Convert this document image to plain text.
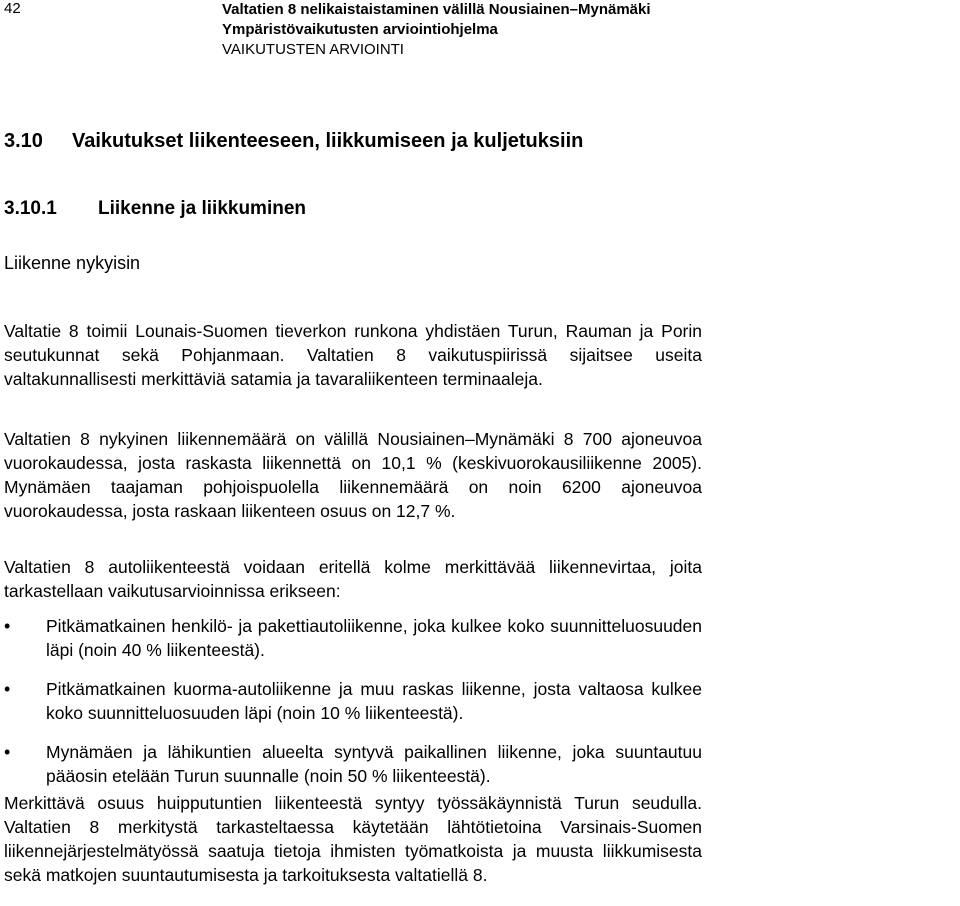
42	Valtatien 8 nelikaistaistaminen välillä Nousiainen–Mynämäki
Ympäristövaikutusten arviointiohjelma
VAIKUTUSTEN ARVIOINTI
3.10 Vaikutukset liikenteeseen, liikkumiseen ja kuljetuksiin
3.10.1 Liikenne ja liikkuminen
Liikenne nykyisin

Valtatie 8 toimii Lounais-Suomen tieverkon runkona yhdistäen Turun, Rauman ja Porin seutukunnat sekä Pohjanmaan. Valtatien 8 vaikutuspiirissä sijaitsee useita valtakunnallisesti merkittäviä satamia ja tavaraliikenteen terminaaleja.

Valtatien 8 nykyinen liikennemäärä on välillä Nousiainen–Mynämäki 8 700 ajoneuvoa vuorokaudessa, josta raskasta liikennettä on 10,1 % (keskivuorokausiliikenne 2005). Mynämäen taajaman pohjoispuolella liikennemäärä on noin 6200 ajoneuvoa vuorokaudessa, josta raskaan liikenteen osuus on 12,7 %.

Valtatien 8 autoliikenteestä voidaan eritellä kolme merkittävää liikennevirtaa, joita tarkastellaan vaikutusarvioinnissa erikseen:

•	Pitkämatkainen henkilö- ja pakettiautoliikenne, joka kulkee koko suunnitteluosuuden läpi (noin 40 % liikenteestä).
•	Pitkämatkainen kuorma-autoliikenne ja muu raskas liikenne, josta valtaosa kulkee koko suunnitteluosuuden läpi (noin 10 % liikenteestä).
•	Mynämäen ja lähikuntien alueelta syntyvä paikallinen liikenne, joka suuntautuu pääosin etelään Turun suunnalle (noin 50 % liikenteestä).

Merkittävä osuus huipputuntien liikenteestä syntyy työssäkäynnistä Turun seudulla. Valtatien 8 merkitystä tarkasteltaessa käytetään lähtötietoina Varsinais-Suomen liikennejärjestelmätyössä saatuja tietoja ihmisten työmatkoista ja muusta liikkumisesta sekä matkojen suuntautumisesta ja tarkoituksesta valtatiellä 8.
